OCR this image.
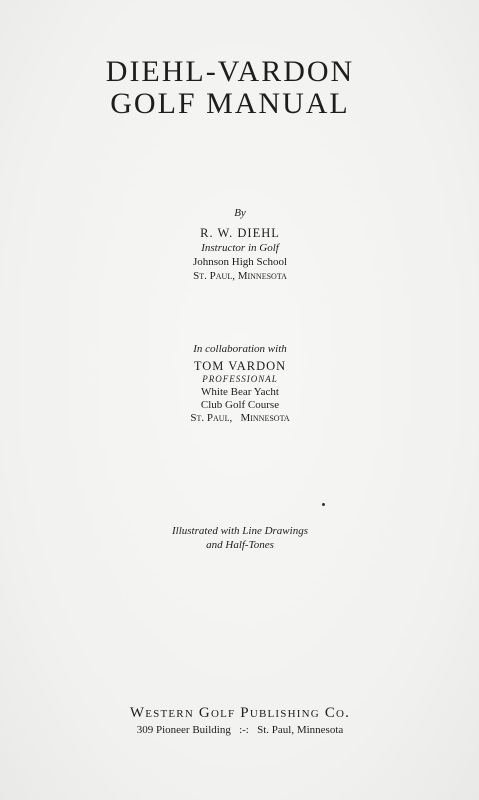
DIEHL-VARDON
GOLF MANUAL
By
R. W. DIEHL
Instructor in Golf
Johnson High School
St. Paul, Minnesota
In collaboration with
TOM VARDON
PROFESSIONAL
White Bear Yacht
Club Golf Course
St. Paul,   Minnesota
Illustrated with Line Drawings
and Half-Tones
Western Golf Publishing Co.
309 Pioneer Building   :-:   St. Paul, Minnesota
